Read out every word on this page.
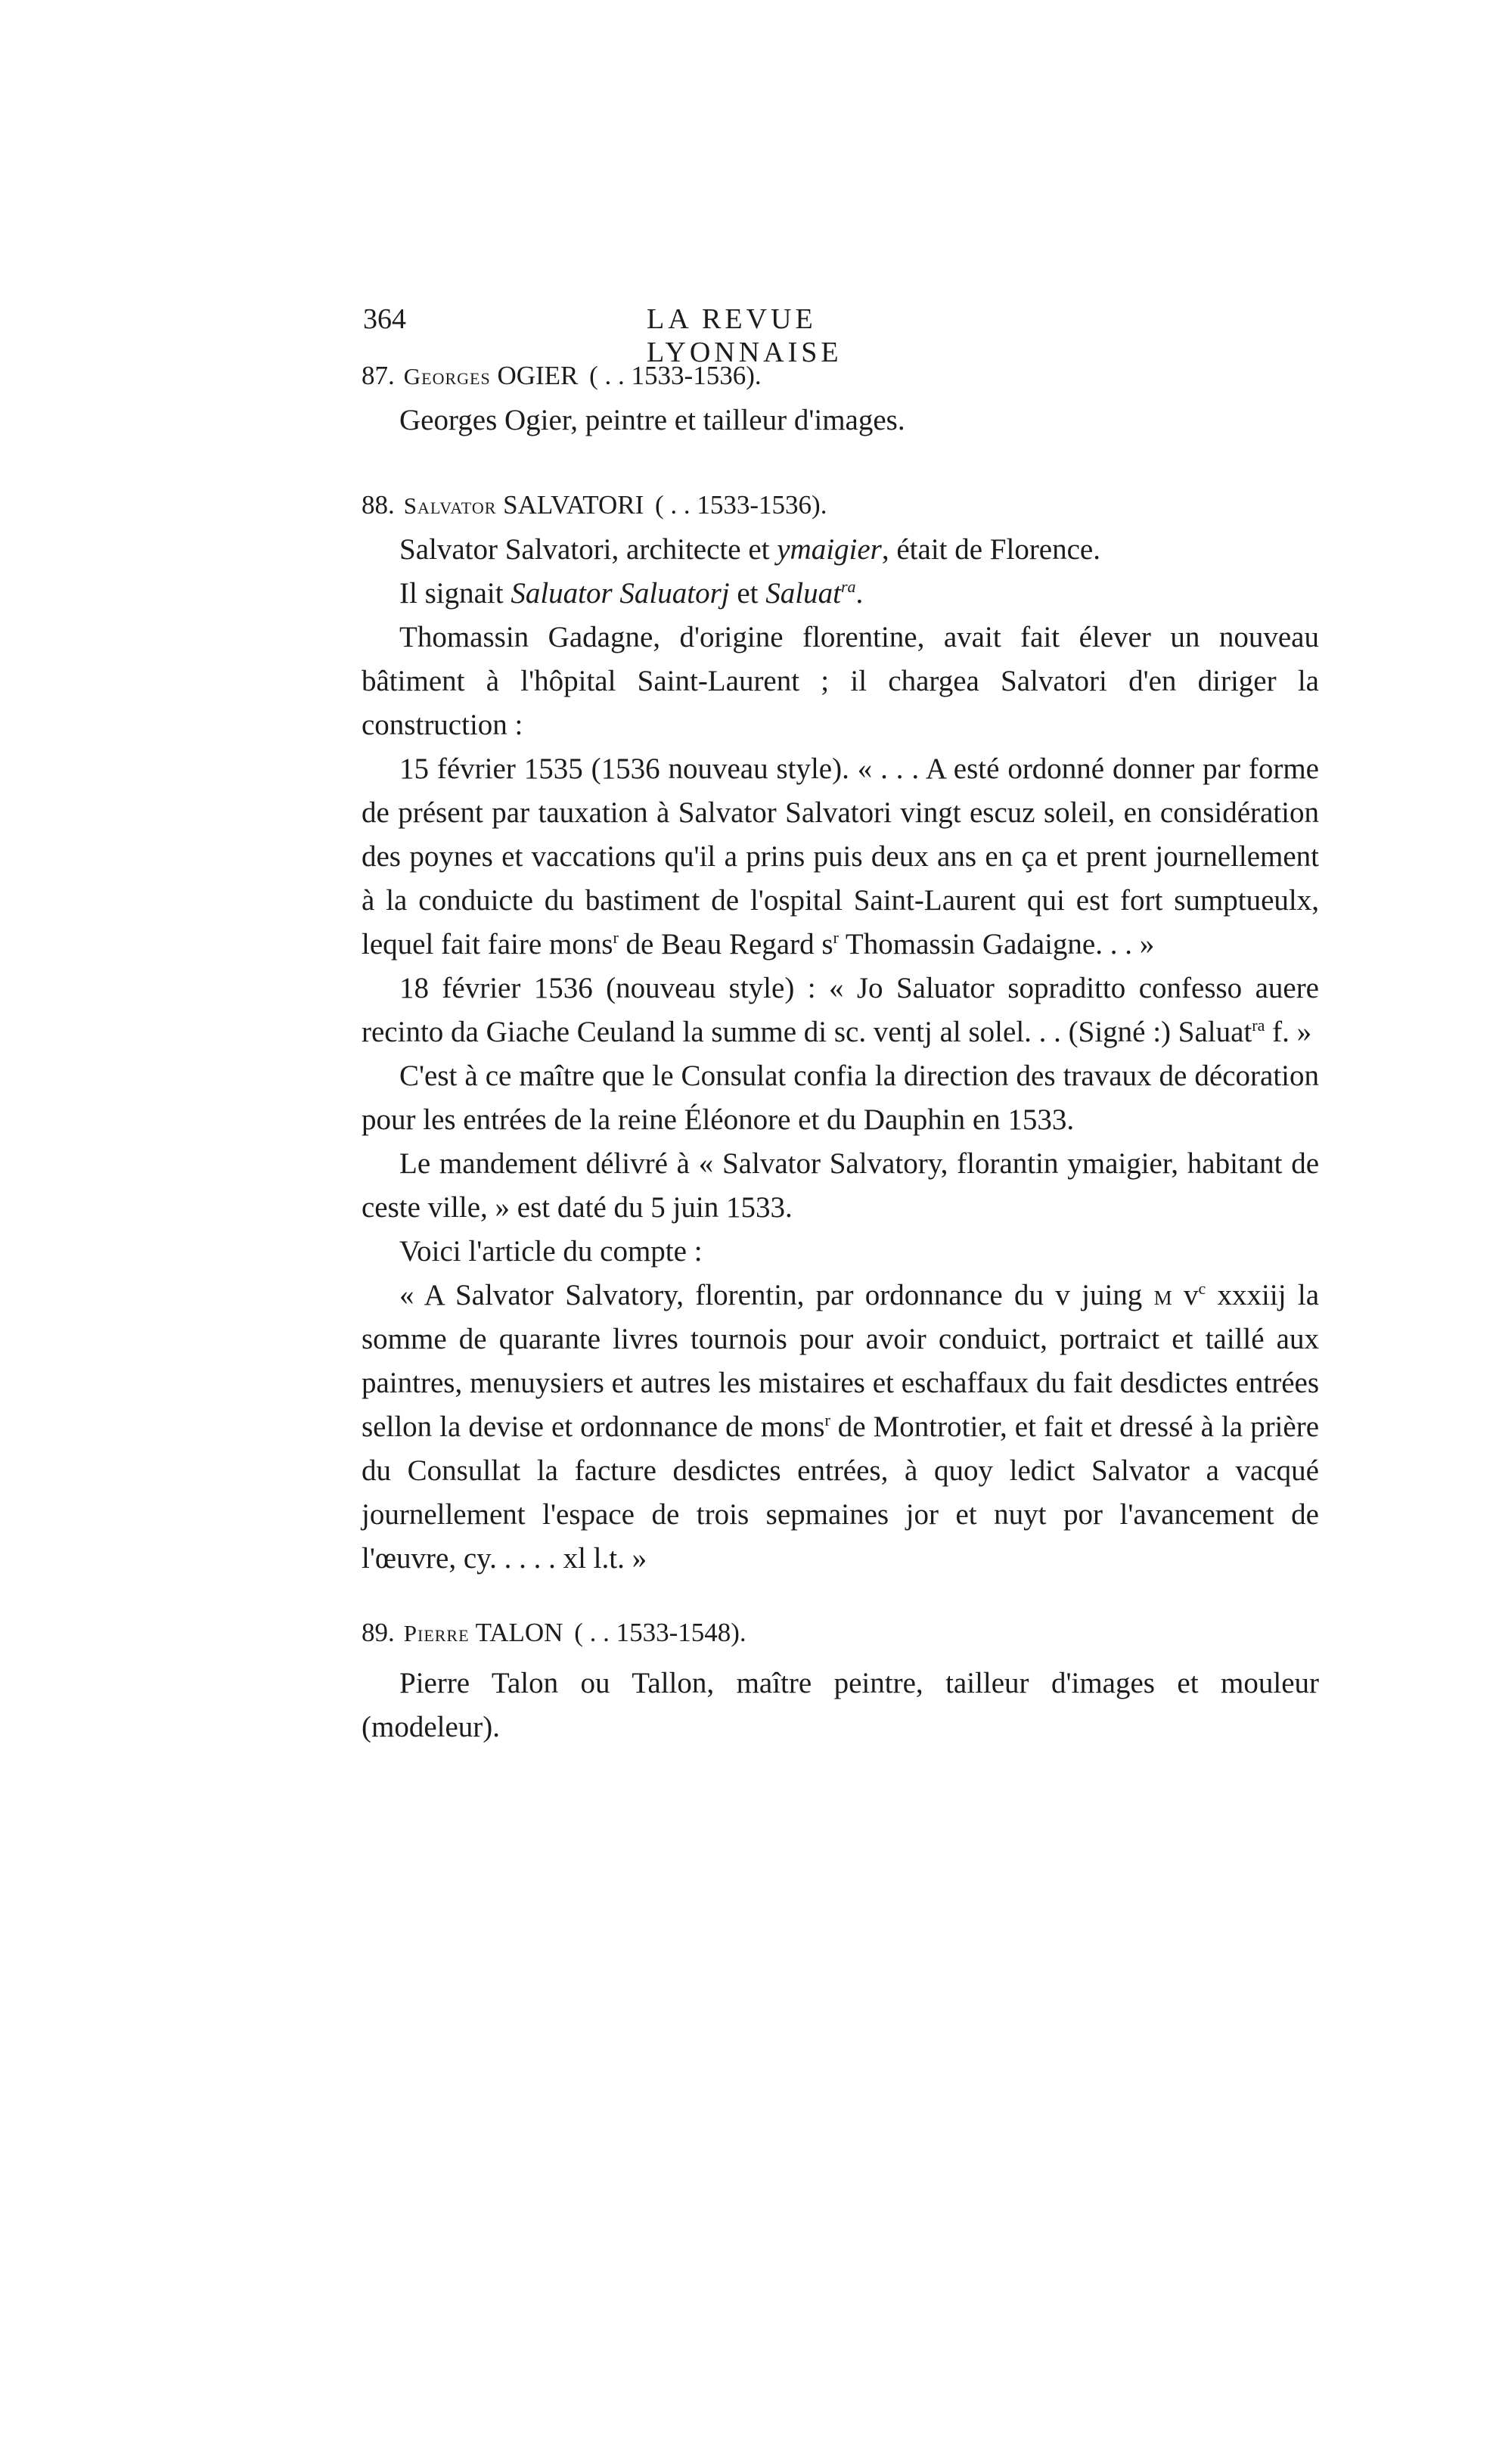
364	LA REVUE LYONNAISE

87. Georges OGIER ( . . 1533-1536).

Georges Ogier, peintre et tailleur d'images.

88. Salvator SALVATORI ( . . 1533-1536).

Salvator Salvatori, architecte et ymaigier, était de Florence.

Il signait Saluator Saluatorj et Saluat$^{ra}$.

Thomassin Gadagne, d'origine florentine, avait fait élever un nouveau bâtiment à l'hôpital Saint-Laurent ; il chargea Salvatori d'en diriger la construction :

15 février 1535 (1536 nouveau style). « . . . A esté ordonné donner par forme de présent par tauxation à Salvator Salvatori vingt escuz soleil, en considération des poynes et vaccations qu'il a prins puis deux ans en ça et prent journellement à la conduicte du bastiment de l'ospital Saint-Laurent qui est fort sumptueulx, lequel fait faire mons$^r$ de Beau Regard $s^r$ Thomassin Gadaigne. . . »

18 février 1536 (nouveau style) : « Jo Saluator sopraditto confesso auere recinto da Giache Ceuland la summe di sc. ventj al solel. . . (Signé :) Saluat$^{ra}$ f. »

C'est à ce maître que le Consulat confia la direction des travaux de décoration pour les entrées de la reine Éléonore et du Dauphin en 1533.

Le mandement délivré à « Salvator Salvatory, florantin ymaigier, habitant de ceste ville, » est daté du 5 juin 1533.

Voici l'article du compte :

« A Salvator Salvatory, florentin, par ordonnance du v juing m $v^c$ xxxiij la somme de quarante livres tournois pour avoir conduict, portraict et taillé aux paintres, menuysiers et autres les mistaires et eschaffaux du fait desdictes entrées sellon la devise et ordonnance de mons$^r$ de Montrotier, et fait et dressé à la prière du Consullat la facture desdictes entrées, à quoy ledict Salvator a vacqué journellement l'espace de trois sepmaines jor et nuyt por l'avancement de l'œuvre, cy. . . . . xl l.t. »

89. Pierre TALON ( . . 1533-1548).

Pierre Talon ou Tallon, maître peintre, tailleur d'images et mouleur (modeleur).
